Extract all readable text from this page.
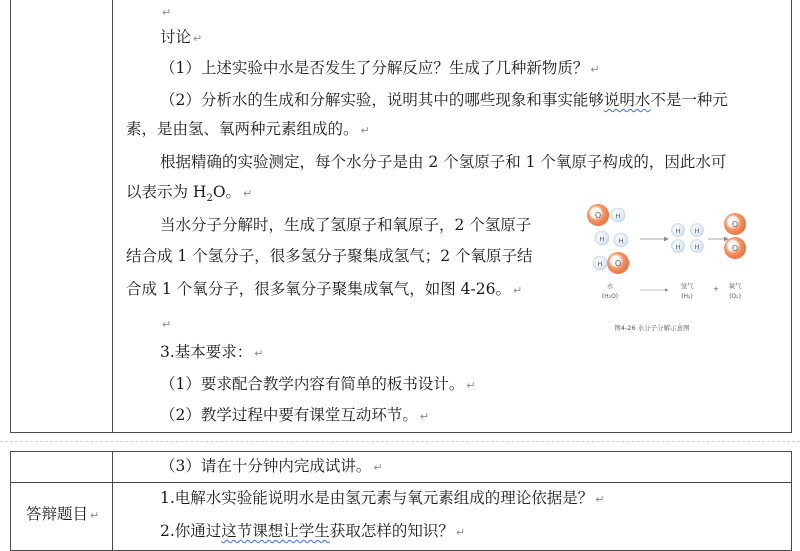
↵
讨论 ↵
（1）上述实验中水是否发生了分解反应？生成了几种新物质？ ↵
（2）分析水的生成和分解实验，说明其中的哪些现象和事实能够说明水不是一种元
素，是由氢、氧两种元素组成的。 ↵
根据精确的实验测定，每个水分子是由 2 个氢原子和 1 个氧原子构成的，因此水可
以表示为 $H_2O$。 ↵
当水分子分解时，生成了氢原子和氧原子，2 个氢原子
结合成 1 个氢分子，很多氢分子聚集成氢气；2 个氧原子结
合成 1 个氧分子，很多氧分子聚集成氧气，如图 4-26。 ↵
↵
3.基本要求： ↵
（1）要求配合教学内容有简单的板书设计。 ↵
（2）教学过程中要有课堂互动环节。 ↵
O H
H H
O
H
H
H
H
H
O
O
水
(H₂O)
氢气
(H₂)
+ 氧气
(O₂)
图4-26 水分子分解示意图
（3）请在十分钟内完成试讲。 ↵
答辩题目 ↵
1.电解水实验能说明水是由氢元素与氧元素组成的理论依据是？ ↵
2.你通过这节课想让学生获取怎样的知识？ ↵
